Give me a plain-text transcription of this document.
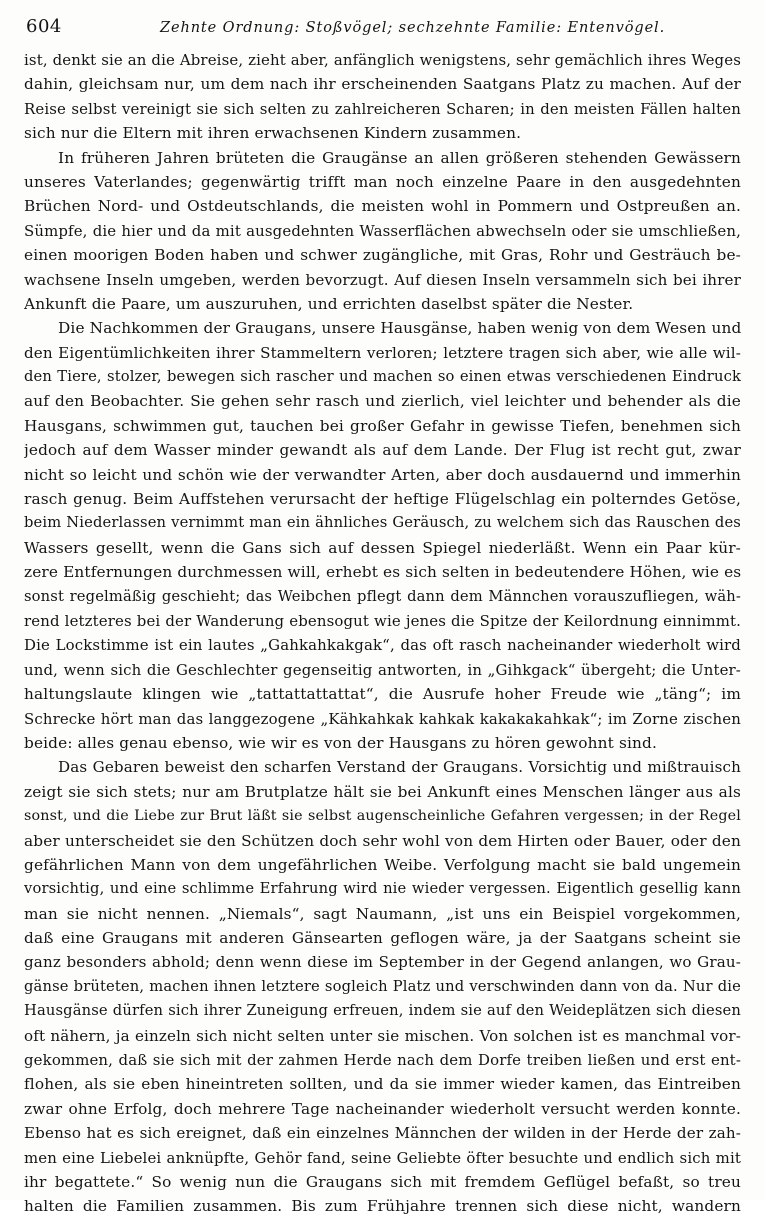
604	Zehnte Ordnung: Stoßvögel; sechzehnte Familie: Entenvögel.
ist, denkt sie an die Abreise, zieht aber, anfänglich wenigstens, sehr gemächlich ihres Weges
dahin, gleichsam nur, um dem nach ihr erscheinenden Saatgans Platz zu machen. Auf der
Reise selbst vereinigt sie sich selten zu zahlreicheren Scharen; in den meisten Fällen halten
sich nur die Eltern mit ihren erwachsenen Kindern zusammen.
In früheren Jahren brüteten die Graugänse an allen größeren stehenden Gewässern
unseres Vaterlandes; gegenwärtig trifft man noch einzelne Paare in den ausgedehnten
Brüchen Nord- und Ostdeutschlands, die meisten wohl in Pommern und Ostpreußen an.
Sümpfe, die hier und da mit ausgedehnten Wasserflächen abwechseln oder sie umschließen,
einen moorigen Boden haben und schwer zugängliche, mit Gras, Rohr und Gesträuch be-
wachsene Inseln umgeben, werden bevorzugt. Auf diesen Inseln versammeln sich bei ihrer
Ankunft die Paare, um auszuruhen, und errichten daselbst später die Nester.
Die Nachkommen der Graugans, unsere Hausgänse, haben wenig von dem Wesen und
den Eigentümlichkeiten ihrer Stammeltern verloren; letztere tragen sich aber, wie alle wil-
den Tiere, stolzer, bewegen sich rascher und machen so einen etwas verschiedenen Eindruck
auf den Beobachter. Sie gehen sehr rasch und zierlich, viel leichter und behender als die
Hausgans, schwimmen gut, tauchen bei großer Gefahr in gewisse Tiefen, benehmen sich
jedoch auf dem Wasser minder gewandt als auf dem Lande. Der Flug ist recht gut, zwar
nicht so leicht und schön wie der verwandter Arten, aber doch ausdauernd und immerhin
rasch genug. Beim Auffstehen verursacht der heftige Flügelschlag ein polterndes Getöse,
beim Niederlassen vernimmt man ein ähnliches Geräusch, zu welchem sich das Rauschen des
Wassers gesellt, wenn die Gans sich auf dessen Spiegel niederläßt. Wenn ein Paar kür-
zere Entfernungen durchmessen will, erhebt es sich selten in bedeutendere Höhen, wie es
sonst regelmäßig geschieht; das Weibchen pflegt dann dem Männchen vorauszufliegen, wäh-
rend letzteres bei der Wanderung ebensogut wie jenes die Spitze der Keilordnung einnimmt.
Die Lockstimme ist ein lautes „Gahkahkakgak“, das oft rasch nacheinander wiederholt wird
und, wenn sich die Geschlechter gegenseitig antworten, in „Gihkgack“ übergeht; die Unter-
haltungslaute klingen wie „tattattattattat“, die Ausrufe hoher Freude wie „täng“; im
Schrecke hört man das langgezogene „Kähkahkak kahkak kakakakahkak“; im Zorne zischen
beide: alles genau ebenso, wie wir es von der Hausgans zu hören gewohnt sind.
Das Gebaren beweist den scharfen Verstand der Graugans. Vorsichtig und mißtrauisch
zeigt sie sich stets; nur am Brutplatze hält sie bei Ankunft eines Menschen länger aus als
sonst, und die Liebe zur Brut läßt sie selbst augenscheinliche Gefahren vergessen; in der Regel
aber unterscheidet sie den Schützen doch sehr wohl von dem Hirten oder Bauer, oder den
gefährlichen Mann von dem ungefährlichen Weibe. Verfolgung macht sie bald ungemein
vorsichtig, und eine schlimme Erfahrung wird nie wieder vergessen. Eigentlich gesellig kann
man sie nicht nennen. „Niemals“, sagt Naumann, „ist uns ein Beispiel vorgekommen,
daß eine Graugans mit anderen Gänsearten geflogen wäre, ja der Saatgans scheint sie
ganz besonders abhold; denn wenn diese im September in der Gegend anlangen, wo Grau-
gänse brüteten, machen ihnen letztere sogleich Platz und verschwinden dann von da. Nur die
Hausgänse dürfen sich ihrer Zuneigung erfreuen, indem sie auf den Weideplätzen sich diesen
oft nähern, ja einzeln sich nicht selten unter sie mischen. Von solchen ist es manchmal vor-
gekommen, daß sie sich mit der zahmen Herde nach dem Dorfe treiben ließen und erst ent-
flohen, als sie eben hineintreten sollten, und da sie immer wieder kamen, das Eintreiben
zwar ohne Erfolg, doch mehrere Tage nacheinander wiederholt versucht werden konnte.
Ebenso hat es sich ereignet, daß ein einzelnes Männchen der wilden in der Herde der zah-
men eine Liebelei anknüpfte, Gehör fand, seine Geliebte öfter besuchte und endlich sich mit
ihr begattete.“ So wenig nun die Graugans sich mit fremdem Geflügel befaßt, so treu
halten die Familien zusammen. Bis zum Frühjahre trennen sich diese nicht, wandern
